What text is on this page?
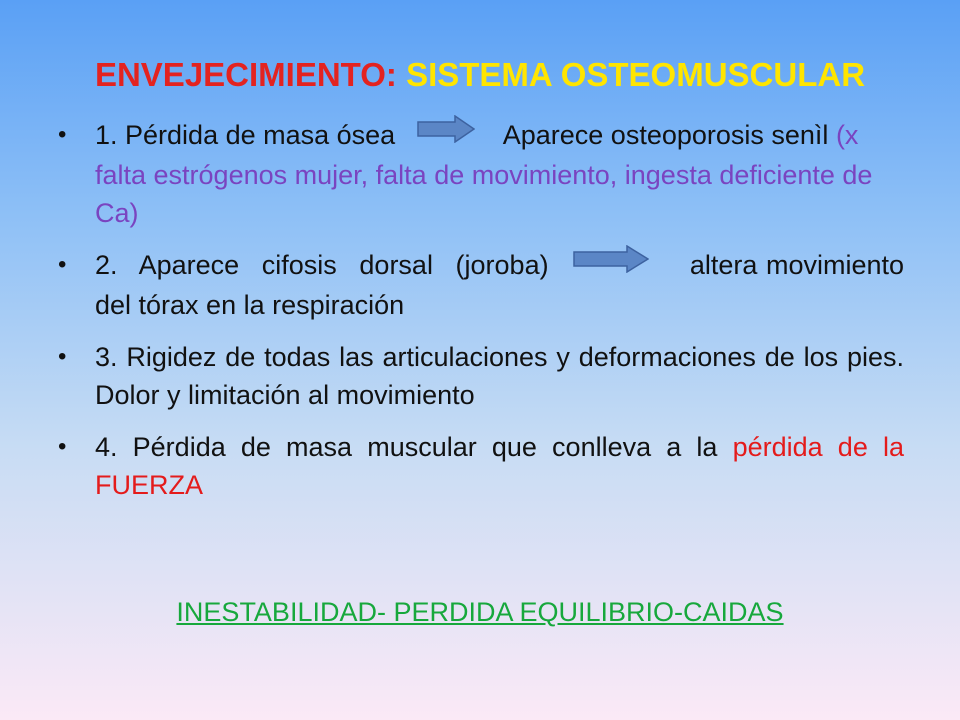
ENVEJECIMIENTO: SISTEMA OSTEOMUSCULAR
• 1. Pérdida de masa ósea	Aparece osteoporosis senìl (x falta estrógenos mujer, falta de movimiento, ingesta deficiente de Ca)
• 2. Aparece cifosis dorsal (joroba)	altera movimiento del tórax en la respiración
• 3. Rigidez de todas las articulaciones y deformaciones de los pies. Dolor y limitación al movimiento
• 4. Pérdida de masa muscular que conlleva a la pérdida de la FUERZA
INESTABILIDAD- PERDIDA EQUILIBRIO-CAIDAS
